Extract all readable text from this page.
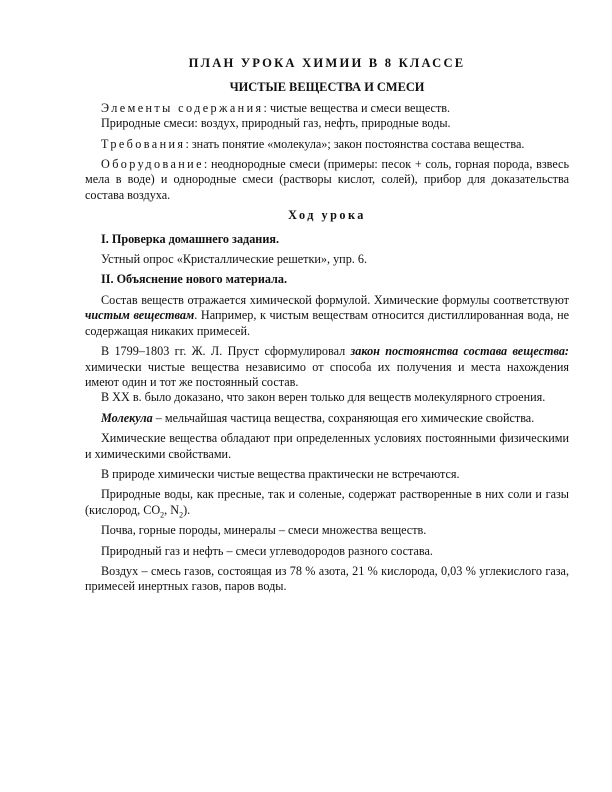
ПЛАН УРОКА ХИМИИ В 8 КЛАССЕ
ЧИСТЫЕ ВЕЩЕСТВА И СМЕСИ

Элементы содержания: чистые вещества и смеси веществ.

Природные смеси: воздух, природный газ, нефть, природные воды.

Требования: знать понятие «молекула»; закон постоянства состава вещества.

Оборудование: неоднородные смеси (примеры: песок + соль, горная порода, взвесь мела в воде) и однородные смеси (растворы кислот, солей), прибор для доказательства состава воздуха.

Ход урока
I. Проверка домашнего задания.

Устный опрос «Кристаллические решетки», упр. 6.

II. Объяснение нового материала.

Состав веществ отражается химической формулой. Химические формулы соответствуют чистым веществам. Например, к чистым веществам относится дистиллированная вода, не содержащая никаких примесей.

В 1799–1803 гг. Ж. Л. Пруст сформулировал закон постоянства состава вещества: химически чистые вещества независимо от способа их получения и места нахождения имеют один и тот же постоянный состав.

В XX в. было доказано, что закон верен только для веществ молекулярного строения.

Молекула – мельчайшая частица вещества, сохраняющая его химические свойства.

Химические вещества обладают при определенных условиях постоянными физическими и химическими свойствами.

В природе химически чистые вещества практически не встречаются.

Природные воды, как пресные, так и соленые, содержат растворенные в них соли и газы (кислород, $CO_2$, $N_2$).

Почва, горные породы, минералы – смеси множества веществ.

Природный газ и нефть – смеси углеводородов разного состава.

Воздух – смесь газов, состоящая из 78 % азота, 21 % кислорода, 0,03 % углекислого газа, примесей инертных газов, паров воды.
